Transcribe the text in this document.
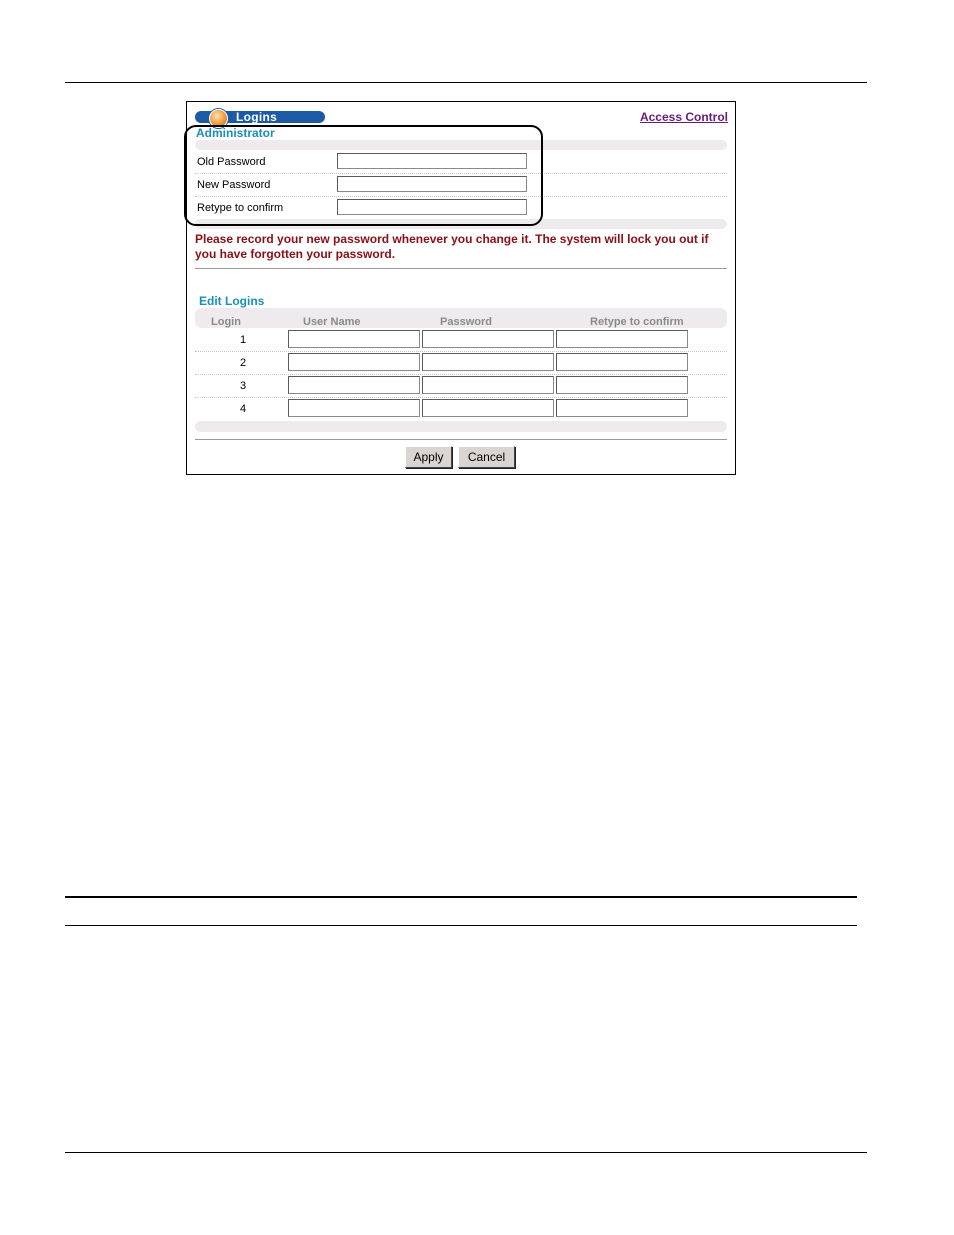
Logins	Access Control
Administrator
Old Password
New Password
Retype to confirm
Please record your new password whenever you change it. The system will lock you out if you have forgotten your password.
Edit Logins
Login	User Name	Password	Retype to confirm
1
2
3
4
Apply	Cancel
